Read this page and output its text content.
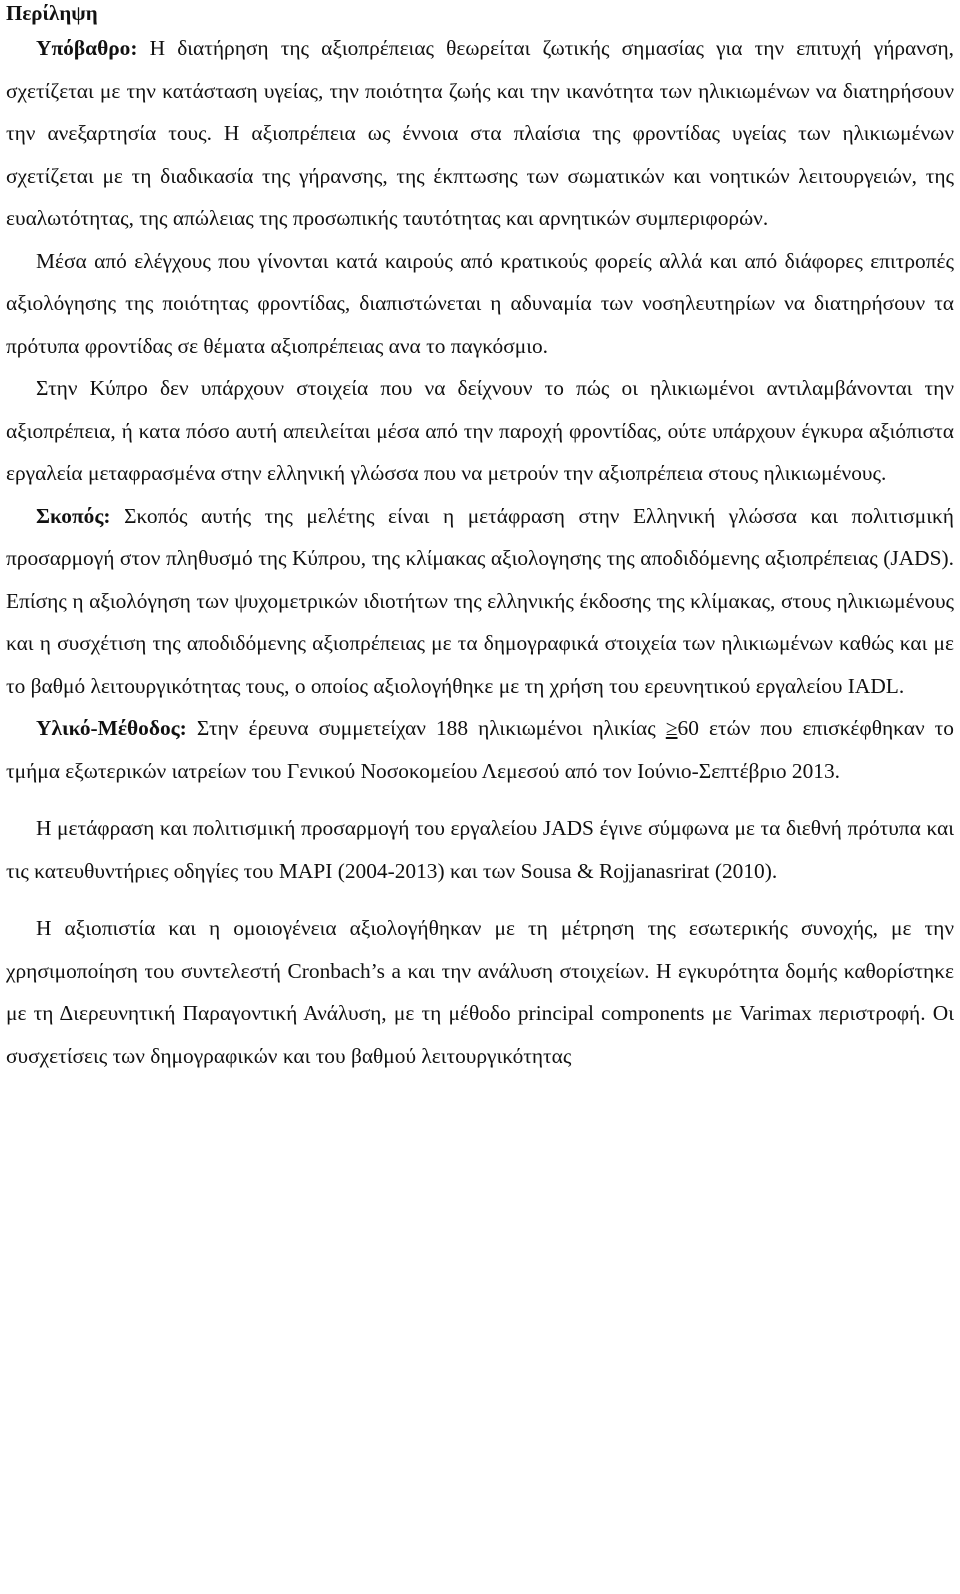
Περίληψη

Υπόβαθρο: Η διατήρηση της αξιοπρέπειας θεωρείται ζωτικής σημασίας για την επιτυχή γήρανση, σχετίζεται με την κατάσταση υγείας, την ποιότητα ζωής και την ικανότητα των ηλικιωμένων να διατηρήσουν την ανεξαρτησία τους. Η αξιοπρέπεια ως έννοια στα πλαίσια της φροντίδας υγείας των ηλικιωμένων σχετίζεται με τη διαδικασία της γήρανσης, της έκπτωσης των σωματικών και νοητικών λειτουργειών, της ευαλωτότητας, της απώλειας της προσωπικής ταυτότητας και αρνητικών συμπεριφορών.

Μέσα από ελέγχους που γίνονται κατά καιρούς από κρατικούς φορείς αλλά και από διάφορες επιτροπές αξιολόγησης της ποιότητας φροντίδας, διαπιστώνεται η αδυναμία των νοσηλευτηρίων να διατηρήσουν τα πρότυπα φροντίδας σε θέματα αξιοπρέπειας ανα το παγκόσμιο.

Στην Κύπρο δεν υπάρχουν στοιχεία που να δείχνουν το πώς οι ηλικιωμένοι αντιλαμβάνονται την αξιοπρέπεια, ή κατα πόσο αυτή απειλείται μέσα από την παροχή φροντίδας, ούτε υπάρχουν έγκυρα αξιόπιστα εργαλεία μεταφρασμένα στην ελληνική γλώσσα που να μετρούν την αξιοπρέπεια στους ηλικιωμένους.

Σκοπός: Σκοπός αυτής της μελέτης είναι η μετάφραση στην Ελληνική γλώσσα και πολιτισμική προσαρμογή στον πληθυσμό της Κύπρου, της κλίμακας αξιολογησης της αποδιδόμενης αξιοπρέπειας (JADS). Επίσης η αξιολόγηση των ψυχομετρικών ιδιοτήτων της ελληνικής έκδοσης της κλίμακας, στους ηλικιωμένους και η συσχέτιση της αποδιδόμενης αξιοπρέπειας με τα δημογραφικά στοιχεία των ηλικιωμένων καθώς και με το βαθμό λειτουργικότητας τους, ο οποίος αξιολογήθηκε με τη χρήση του ερευνητικού εργαλείου IADL.

Υλικό-Μέθοδος: Στην έρευνα συμμετείχαν 188 ηλικιωμένοι ηλικίας ≥60 ετών που επισκέφθηκαν το τμήμα εξωτερικών ιατρείων του Γενικού Νοσοκομείου Λεμεσού από τον Ιούνιο-Σεπτέβριο 2013.

Η μετάφραση και πολιτισμική προσαρμογή του εργαλείου JADS έγινε σύμφωνα με τα διεθνή πρότυπα και τις κατευθυντήριες οδηγίες του MAPI (2004-2013) και των Sousa & Rojjanasrirat (2010).

Η αξιοπιστία και η ομοιογένεια αξιολογήθηκαν με τη μέτρηση της εσωτερικής συνοχής, με την χρησιμοποίηση του συντελεστή Cronbach’s a και την ανάλυση στοιχείων. Η εγκυρότητα δομής καθορίστηκε με τη Διερευνητική Παραγοντική Ανάλυση, με τη μέθοδο principal components με Varimax περιστροφή. Οι συσχετίσεις των δημογραφικών και του βαθμού λειτουργικότητας
